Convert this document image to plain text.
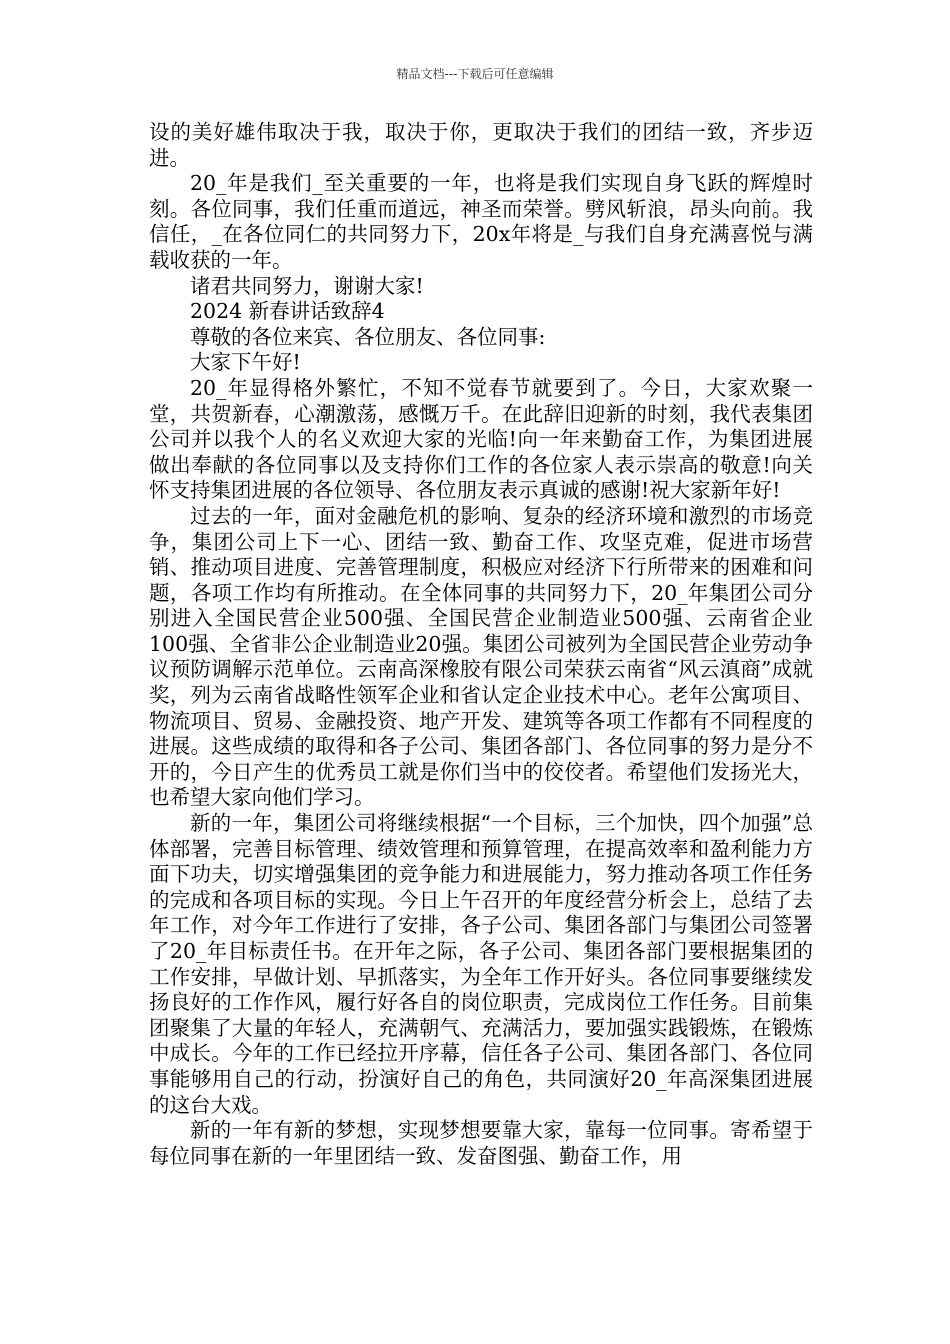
精品文档---下载后可任意编辑

设的美好雄伟取决于我，取决于你，更取决于我们的团结一致，齐步迈进。

20_年是我们_至关重要的一年，也将是我们实现自身飞跃的辉煌时刻。各位同事，我们任重而道远，神圣而荣誉。劈风斩浪，昂头向前。我信任，_在各位同仁的共同努力下，20x年将是_与我们自身充满喜悦与满载收获的一年。

诸君共同努力，谢谢大家!

2024 新春讲话致辞4

尊敬的各位来宾、各位朋友、各位同事:

大家下午好!

20_年显得格外繁忙，不知不觉春节就要到了。今日，大家欢聚一堂，共贺新春，心潮激荡，感慨万千。在此辞旧迎新的时刻，我代表集团公司并以我个人的名义欢迎大家的光临!向一年来勤奋工作，为集团进展做出奉献的各位同事以及支持你们工作的各位家人表示崇高的敬意!向关怀支持集团进展的各位领导、各位朋友表示真诚的感谢!祝大家新年好!

过去的一年，面对金融危机的影响、复杂的经济环境和激烈的市场竞争，集团公司上下一心、团结一致、勤奋工作、攻坚克难，促进市场营销、推动项目进度、完善管理制度，积极应对经济下行所带来的困难和问题，各项工作均有所推动。在全体同事的共同努力下，20_年集团公司分别进入全国民营企业500强、全国民营企业制造业500强、云南省企业100强、全省非公企业制造业20强。集团公司被列为全国民营企业劳动争议预防调解示范单位。云南高深橡胶有限公司荣获云南省“风云滇商”成就奖，列为云南省战略性领军企业和省认定企业技术中心。老年公寓项目、物流项目、贸易、金融投资、地产开发、建筑等各项工作都有不同程度的进展。这些成绩的取得和各子公司、集团各部门、各位同事的努力是分不开的，今日产生的优秀员工就是你们当中的佼佼者。希望他们发扬光大，也希望大家向他们学习。

新的一年，集团公司将继续根据“一个目标，三个加快，四个加强”总体部署，完善目标管理、绩效管理和预算管理，在提高效率和盈利能力方面下功夫，切实增强集团的竞争能力和进展能力，努力推动各项工作任务的完成和各项目标的实现。今日上午召开的年度经营分析会上，总结了去年工作，对今年工作进行了安排，各子公司、集团各部门与集团公司签署了20_年目标责任书。在开年之际，各子公司、集团各部门要根据集团的工作安排，早做计划、早抓落实，为全年工作开好头。各位同事要继续发扬良好的工作作风，履行好各自的岗位职责，完成岗位工作任务。目前集团聚集了大量的年轻人，充满朝气、充满活力，要加强实践锻炼，在锻炼中成长。今年的工作已经拉开序幕，信任各子公司、集团各部门、各位同事能够用自己的行动，扮演好自己的角色，共同演好20_年高深集团进展的这台大戏。

新的一年有新的梦想，实现梦想要靠大家，靠每一位同事。寄希望于每位同事在新的一年里团结一致、发奋图强、勤奋工作，用
